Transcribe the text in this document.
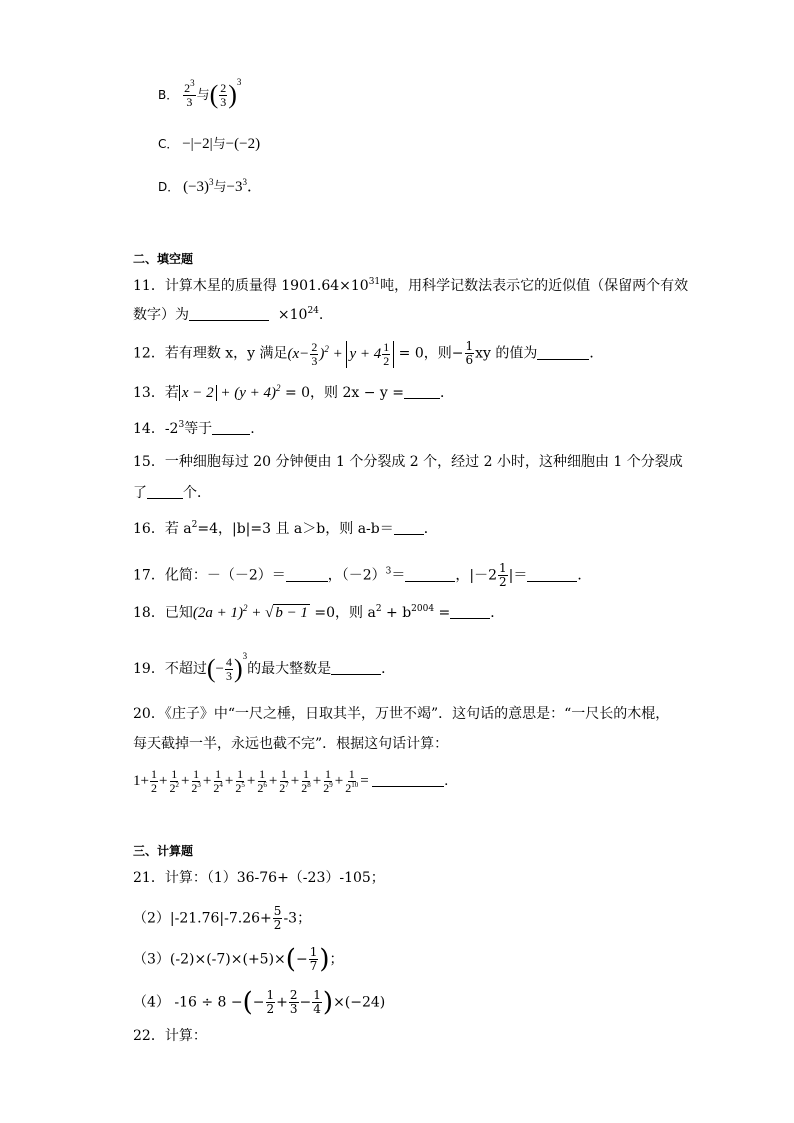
B． $\frac{2^3}{3}$ 与( $\frac{2}{3} )^3$
C． −|−2|与−(−2)
D． $(-3)^3$与$-3^3$．
二、填空题
11．计算木星的质量得 $1901.64\times 10^{31}$吨，用科学记数法表示它的近似值（保留两个有效
数字）为	$\times 10^{24}$.
12．若有理数 x，y 满足$(x- \frac{2}{3} )^2 + y + 4 \frac{1}{2} = 0$，则− $\frac{1}{6}$ xy 的值为	．
13．若 $x - 2 + (y + 4)^2 = 0$，则 2x − y =	．
14．$-2^3$等于	.
15．一种细胞每过 20 分钟便由 1 个分裂成 2 个，经过 2 小时，这种细胞由 1 个分裂成
了	个．
16．若 $a^2=4$，|b|=3 且 a＞b，则 a-b＝ ．
17．化简：－（－2）＝	，$(-2)^3=$	，$|-2 \frac{1}{2}$ |＝	．
18．已知$(2a + 1)^2$ + √ b − 1 =0，则 $a^2 + b^{2004}$ =	．
19．不超过(− $\frac{4}{3} )^3$的最大整数是	．
20．《庄子》中“一尺之棰，日取其半，万世不竭”．这句话的意思是：“一尺长的木棍，
每天截掉一半，永远也截不完”．根据这句话计算：
$1+ \frac{1}{2} + \frac{1}{2^2} + \frac{1}{2^3} + \frac{1}{2^4} + \frac{1}{2^5} + \frac{1}{2^6} + \frac{1}{2^7} + \frac{1}{2^8} + \frac{1}{2^9} + \frac{1}{2^{10}}$ =	.
三、计算题
21．计算：（1）36-76+（-23）-105；
$(2)|-21.76|-7.26+ \frac{5}{2} -3$；
$(3)(-2)\times(-7)\times(+5)\times(- \frac{1}{7}$ )；
（4） -16 ÷ 8 −(− $\frac{1}{2} + \frac{2}{3} - \frac{1}{4} )\times(-24)$
22．计算：
